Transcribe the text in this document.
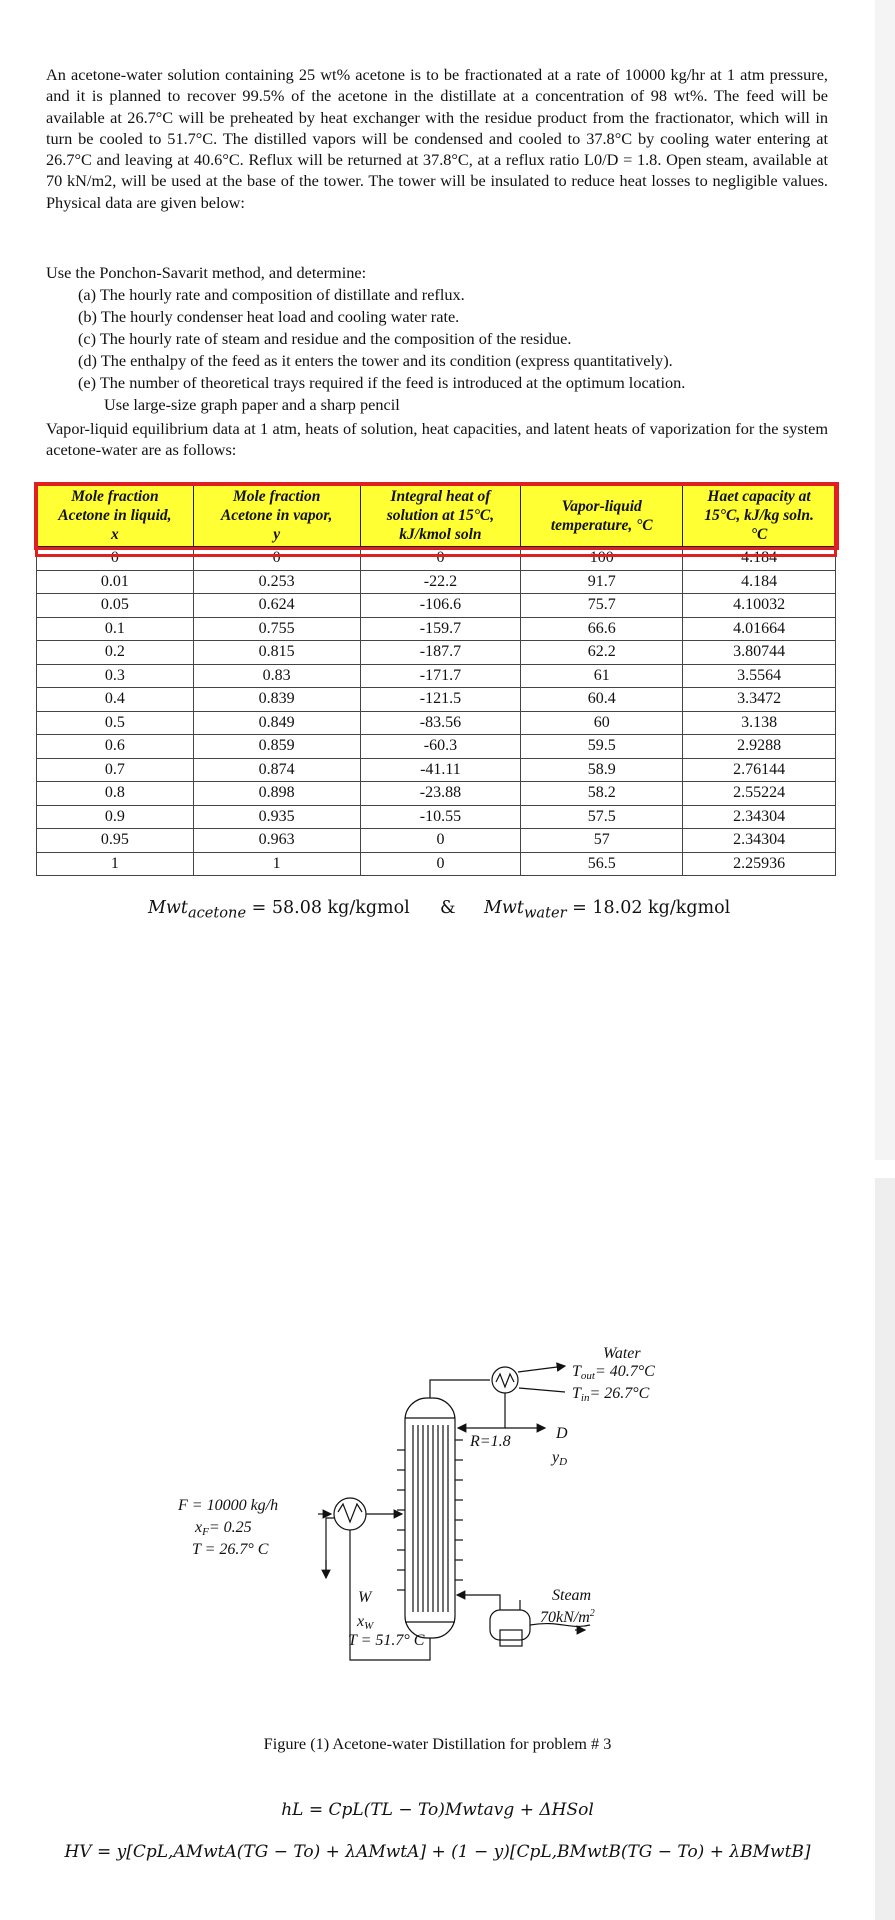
An acetone-water solution containing 25 wt% acetone is to be fractionated at a rate of 10000 kg/hr at 1 atm pressure, and it is planned to recover 99.5% of the acetone in the distillate at a concentration of 98 wt%. The feed will be available at 26.7°C will be preheated by heat exchanger with the residue product from the fractionator, which will in turn be cooled to 51.7°C. The distilled vapors will be condensed and cooled to 37.8°C by cooling water entering at 26.7°C and leaving at 40.6°C. Reflux will be returned at 37.8°C, at a reflux ratio L0/D = 1.8. Open steam, available at 70 kN/m2, will be used at the base of the tower. The tower will be insulated to reduce heat losses to negligible values. Physical data are given below:
Use the Ponchon-Savarit method, and determine:
(a) The hourly rate and composition of distillate and reflux.
(b) The hourly condenser heat load and cooling water rate.
(c) The hourly rate of steam and residue and the composition of the residue.
(d) The enthalpy of the feed as it enters the tower and its condition (express quantitatively).
(e) The number of theoretical trays required if the feed is introduced at the optimum location.
Use large-size graph paper and a sharp pencil
Vapor-liquid equilibrium data at 1 atm, heats of solution, heat capacities, and latent heats of vaporization for the system acetone-water are as follows:
Mole fraction
Acetone in liquid,
x	Mole fraction
Acetone in vapor,
y	Integral heat of
solution at 15°C,
kJ/kmol soln	Vapor-liquid
temperature, °C	Haet capacity at
15°C, kJ/kg soln.
°C
0	0	0	100	4.184
0.01	0.253	-22.2	91.7	4.184
0.05	0.624	-106.6	75.7	4.10032
0.1	0.755	-159.7	66.6	4.01664
0.2	0.815	-187.7	62.2	3.80744
0.3	0.83	-171.7	61	3.5564
0.4	0.839	-121.5	60.4	3.3472
0.5	0.849	-83.56	60	3.138
0.6	0.859	-60.3	59.5	2.9288
0.7	0.874	-41.11	58.9	2.76144
0.8	0.898	-23.88	58.2	2.55224
0.9	0.935	-10.55	57.5	2.34304
0.95	0.963	0	57	2.34304
1	1	0	56.5	2.25936
Mwt$_{acetone}$ = 58.08 kg/kgmol & Mwt$_{water}$ = 18.02 kg/kgmol
Water
Tout= 40.7°C
Tin= 26.7°C
R=1.8	D
yD
F = 10000 kg/h
xF= 0.25
T = 26.7° C
W
xW
T = 51.7° C
Steam
$70kN/m^2$
Figure (1) Acetone-water Distillation for problem # 3
hL = CpL(TL − To)Mwtavg + ΔHSol
HV = y[CpL,AMwtA(TG − To) + λAMwtA] + (1 − y)[CpL,BMwtB(TG − To) + λBMwtB]
